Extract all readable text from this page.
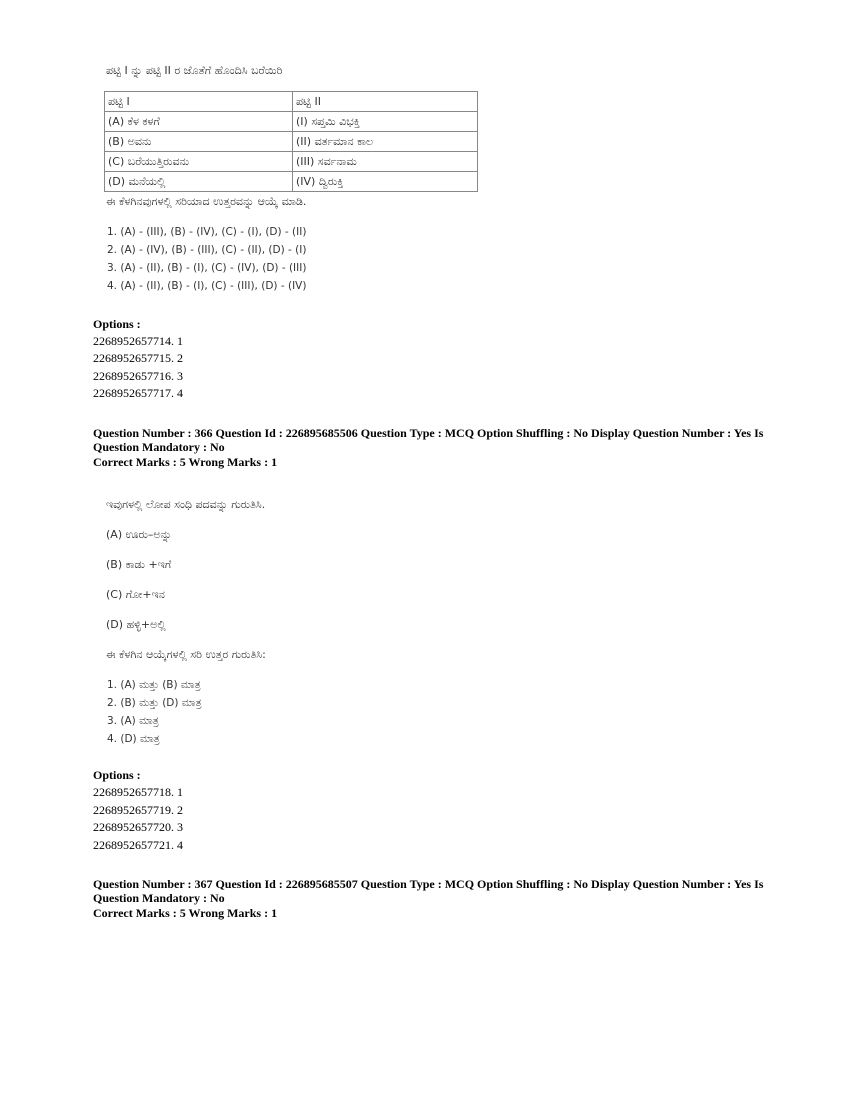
ಪಟ್ಟಿ I ನ್ನು ಪಟ್ಟಿ II ರ ಜೊತೆಗೆ ಹೊಂದಿಸಿ ಬರೆಯಿರಿ
ಪಟ್ಟಿ I	ಪಟ್ಟಿ II
(A) ಕೆಳ ಕಳಗೆ	(I) ಸಪ್ತಮಿ ವಿಭಕ್ತಿ
(B) ಅವನು	(II) ವರ್ತಮಾನ ಕಾಲ
(C) ಬರೆಯುತ್ತಿರುವನು	(III) ಸರ್ವನಾಮ
(D) ಮನೆಯಲ್ಲಿ	(IV) ದ್ವಿರುಕ್ತಿ
ಈ ಕೆಳಗಿನವುಗಳಲ್ಲಿ ಸರಿಯಾದ ಉತ್ತರವನ್ನು ಆಯ್ಕೆ ಮಾಡಿ.
1. (A) - (III), (B) - (IV), (C) - (I), (D) - (II)
2. (A) - (IV), (B) - (III), (C) - (II), (D) - (I)
3. (A) - (II), (B) - (I), (C) - (IV), (D) - (III)
4. (A) - (II), (B) - (I), (C) - (III), (D) - (IV)
Options :
2268952657714. 1
2268952657715. 2
2268952657716. 3
2268952657717. 4
Question Number : 366 Question Id : 226895685506 Question Type : MCQ Option Shuffling : No Display Question Number : Yes Is
Question Mandatory : No
Correct Marks : 5 Wrong Marks : 1
ಇವುಗಳಲ್ಲಿ ಲೋಪ ಸಂಧಿ ಪದವನ್ನು ಗುರುತಿಸಿ.
(A) ಊರು–ಅನ್ನು
(B) ಕಾಡು +ಇಗೆ
(C) ಗೋ+ಇನ
(D) ಹಳ್ಳಿ+ಅಲ್ಲಿ
ಈ ಕೆಳಗಿನ ಆಯ್ಕೆಗಳಲ್ಲಿ ಸರಿ ಉತ್ತರ ಗುರುತಿಸಿ:
1. (A) ಮತ್ತು (B) ಮಾತ್ರ
2. (B) ಮತ್ತು (D) ಮಾತ್ರ
3. (A) ಮಾತ್ರ
4. (D) ಮಾತ್ರ
Options :
2268952657718. 1
2268952657719. 2
2268952657720. 3
2268952657721. 4
Question Number : 367 Question Id : 226895685507 Question Type : MCQ Option Shuffling : No Display Question Number : Yes Is
Question Mandatory : No
Correct Marks : 5 Wrong Marks : 1
